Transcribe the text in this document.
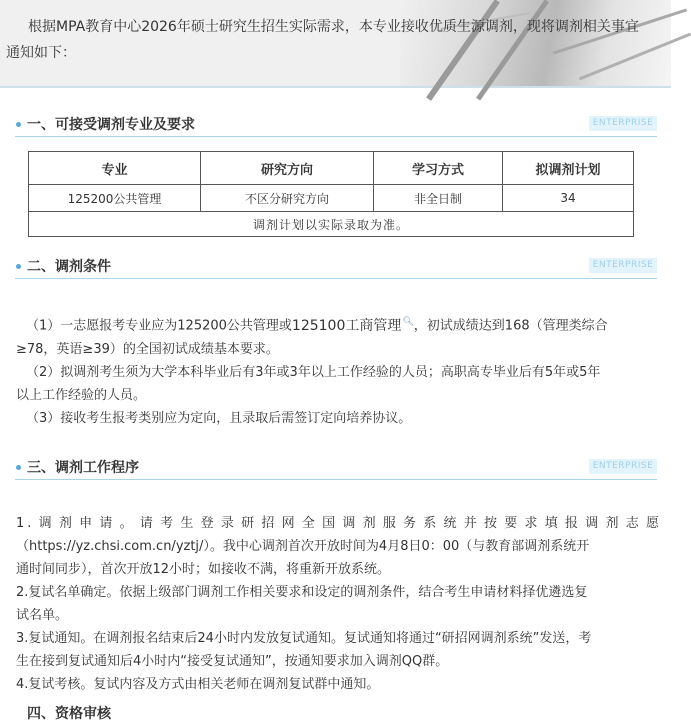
根据MPA教育中心2026年硕士研究生招生实际需求，本专业接收优质生源调剂，现将调剂相关事宜
通知如下：
一、可接受调剂专业及要求	ENTERPRISE
专业	研究方向	学习方式	拟调剂计划
125200公共管理	不区分研究方向	非全日制	34
调剂计划以实际录取为准。			
二、调剂条件	ENTERPRISE

（1）一志愿报考专业应为125200公共管理或125100工商管理🔍︎，初试成绩达到168（管理类综合

≥78，英语≥39）的全国初试成绩基本要求。

（2）拟调剂考生须为大学本科毕业后有3年或3年以上工作经验的人员；高职高专毕业后有5年或5年

以上工作经验的人员。

（3）接收考生报考类别应为定向，且录取后需签订定向培养协议。

三、调剂工作程序	ENTERPRISE

1.调剂申请。请考生登录研招网全国调剂服务系统并按要求填报调剂志愿

（https://yz.chsi.com.cn/yztj/）。我中心调剂首次开放时间为4月8日0：00（与教育部调剂系统开

通时间同步），首次开放12小时；如接收不满，将重新开放系统。

2.复试名单确定。依据上级部门调剂工作相关要求和设定的调剂条件，结合考生申请材料择优遴选复

试名单。

3.复试通知。在调剂报名结束后24小时内发放复试通知。复试通知将通过“研招网调剂系统”发送，考

生在接到复试通知后4小时内“接受复试通知”，按通知要求加入调剂QQ群。

4.复试考核。复试内容及方式由相关老师在调剂复试群中通知。

四、资格审核
